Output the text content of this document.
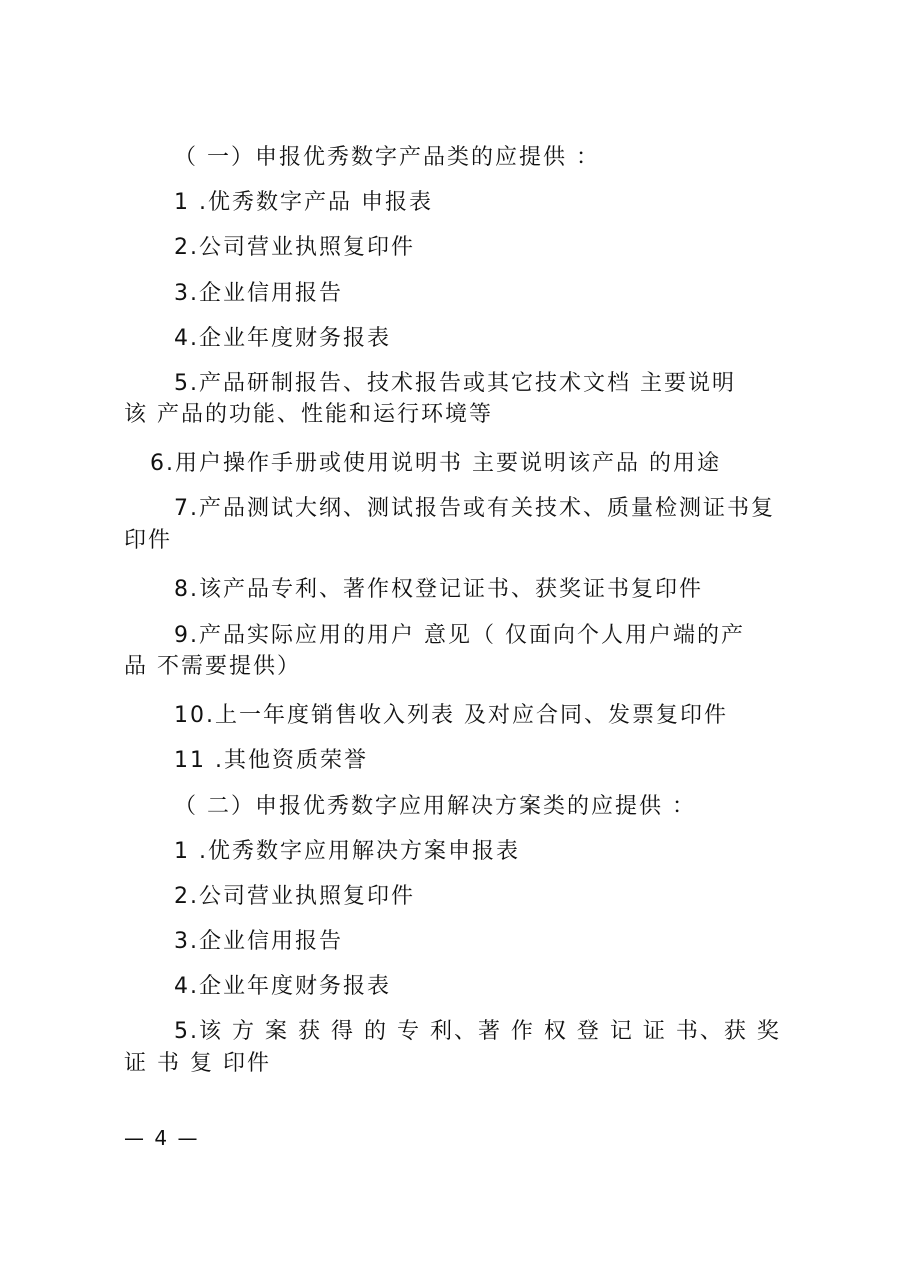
（ 一）申报优秀数字产品类的应提供 ：
1 .优秀数字产品 申报表
2.公司营业执照复印件
3.企业信用报告
4.企业年度财务报表
5.产品研制报告、技术报告或其它技术文档 主要说明
该 产品的功能、性能和运行环境等
6.用户操作手册或使用说明书 主要说明该产品 的用途
7.产品测试大纲、测试报告或有关技术、质量检测证书复
印件
8.该产品专利、著作权登记证书、获奖证书复印件
9.产品实际应用的用户 意见（ 仅面向个人用户端的产
品 不需要提供）
10.上一年度销售收入列表 及对应合同、发票复印件
11 .其他资质荣誉
（ 二）申报优秀数字应用解决方案类的应提供 ：
1 .优秀数字应用解决方案申报表
2.公司营业执照复印件
3.企业信用报告
4.企业年度财务报表
5.该 方 案 获 得 的 专 利、著 作 权 登 记 证 书、获 奖
证 书 复 印件
— 4 —
